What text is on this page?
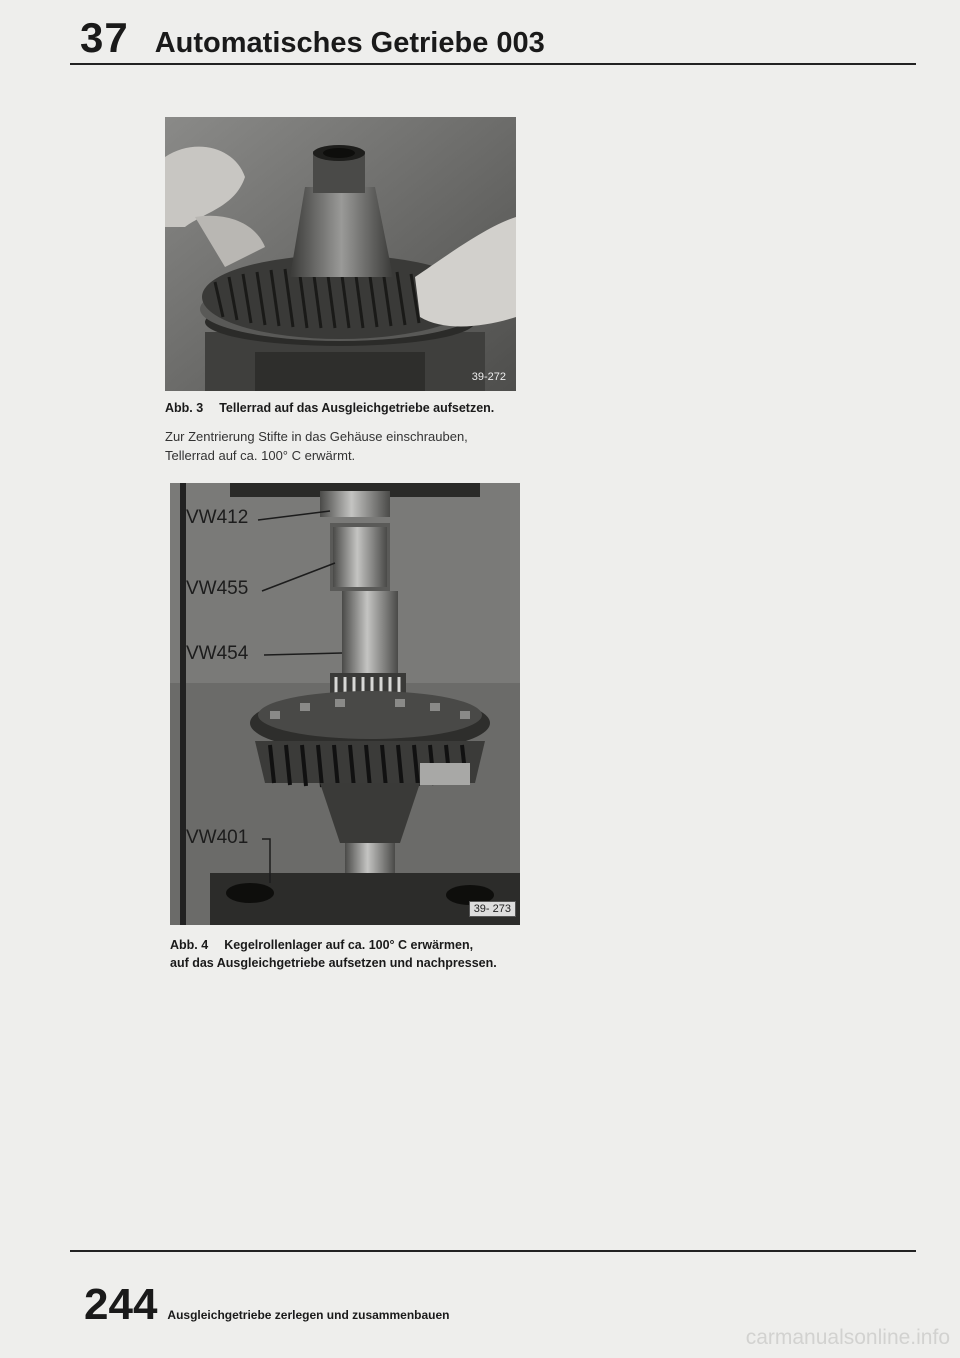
37 Automatisches Getriebe 003
39-272
Abb. 3 Tellerrad auf das Ausgleichgetriebe aufsetzen.
Zur Zentrierung Stifte in das Gehäuse einschrauben,
Tellerrad auf ca. 100° C erwärmt.
VW412
VW455
VW454
VW401
39- 273
Abb. 4 Kegelrollenlager auf ca. 100° C erwärmen,
auf das Ausgleichgetriebe aufsetzen und nachpressen.
244 Ausgleichgetriebe zerlegen und zusammenbauen
carmanualsonline.info
